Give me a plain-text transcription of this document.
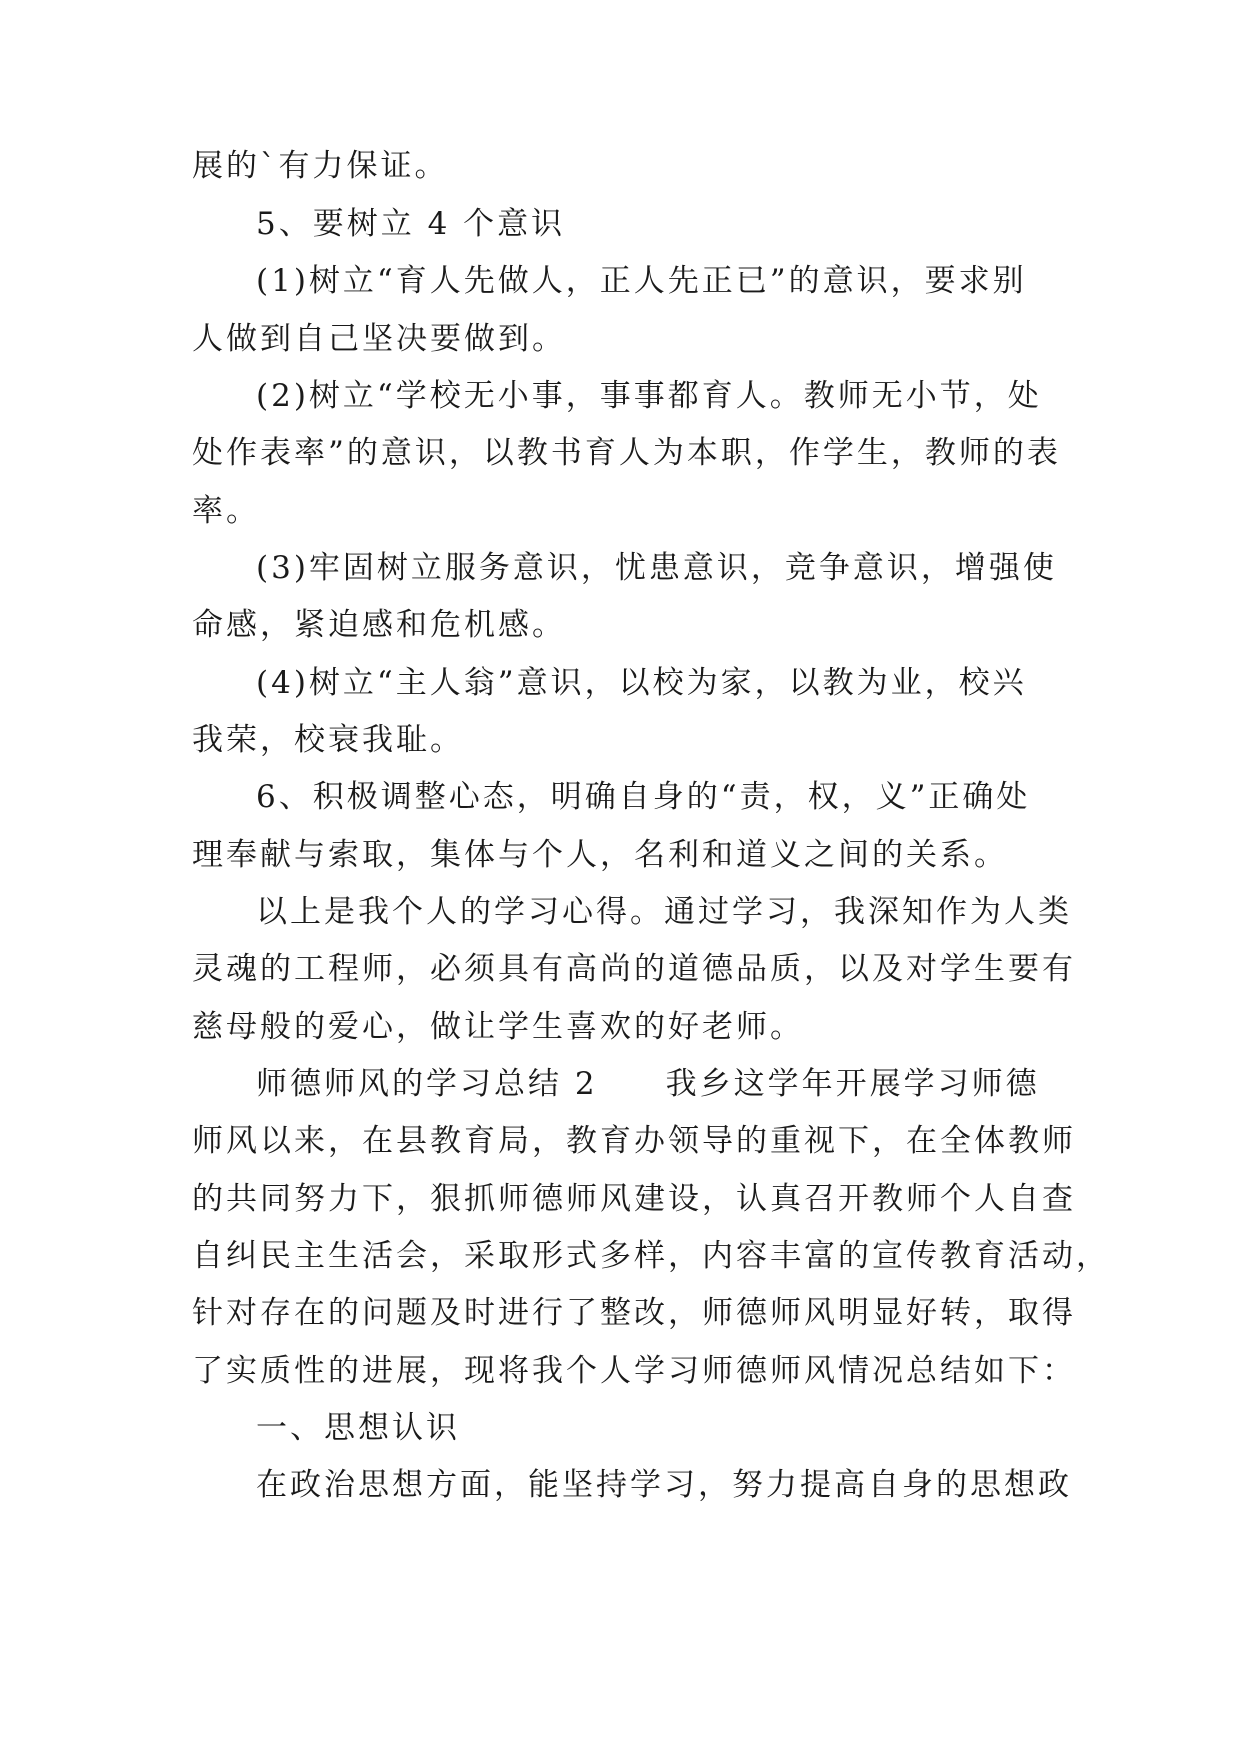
展的`有力保证。
5、要树立 4 个意识
(1)树立“育人先做人，正人先正已”的意识，要求别
人做到自己坚决要做到。
(2)树立“学校无小事，事事都育人。教师无小节，处
处作表率”的意识，以教书育人为本职，作学生，教师的表
率。
(3)牢固树立服务意识，忧患意识，竞争意识，增强使
命感，紧迫感和危机感。
(4)树立“主人翁”意识，以校为家，以教为业，校兴
我荣，校衰我耻。
6、积极调整心态，明确自身的“责，权，义”正确处
理奉献与索取，集体与个人，名利和道义之间的关系。
以上是我个人的学习心得。通过学习，我深知作为人类
灵魂的工程师，必须具有高尚的道德品质，以及对学生要有
慈母般的爱心，做让学生喜欢的好老师。
师德师风的学习总结 2　　我乡这学年开展学习师德
师风以来，在县教育局，教育办领导的重视下，在全体教师
的共同努力下，狠抓师德师风建设，认真召开教师个人自查
自纠民主生活会，采取形式多样，内容丰富的宣传教育活动，
针对存在的问题及时进行了整改，师德师风明显好转，取得
了实质性的进展，现将我个人学习师德师风情况总结如下：
一、思想认识
在政治思想方面，能坚持学习，努力提高自身的思想政
